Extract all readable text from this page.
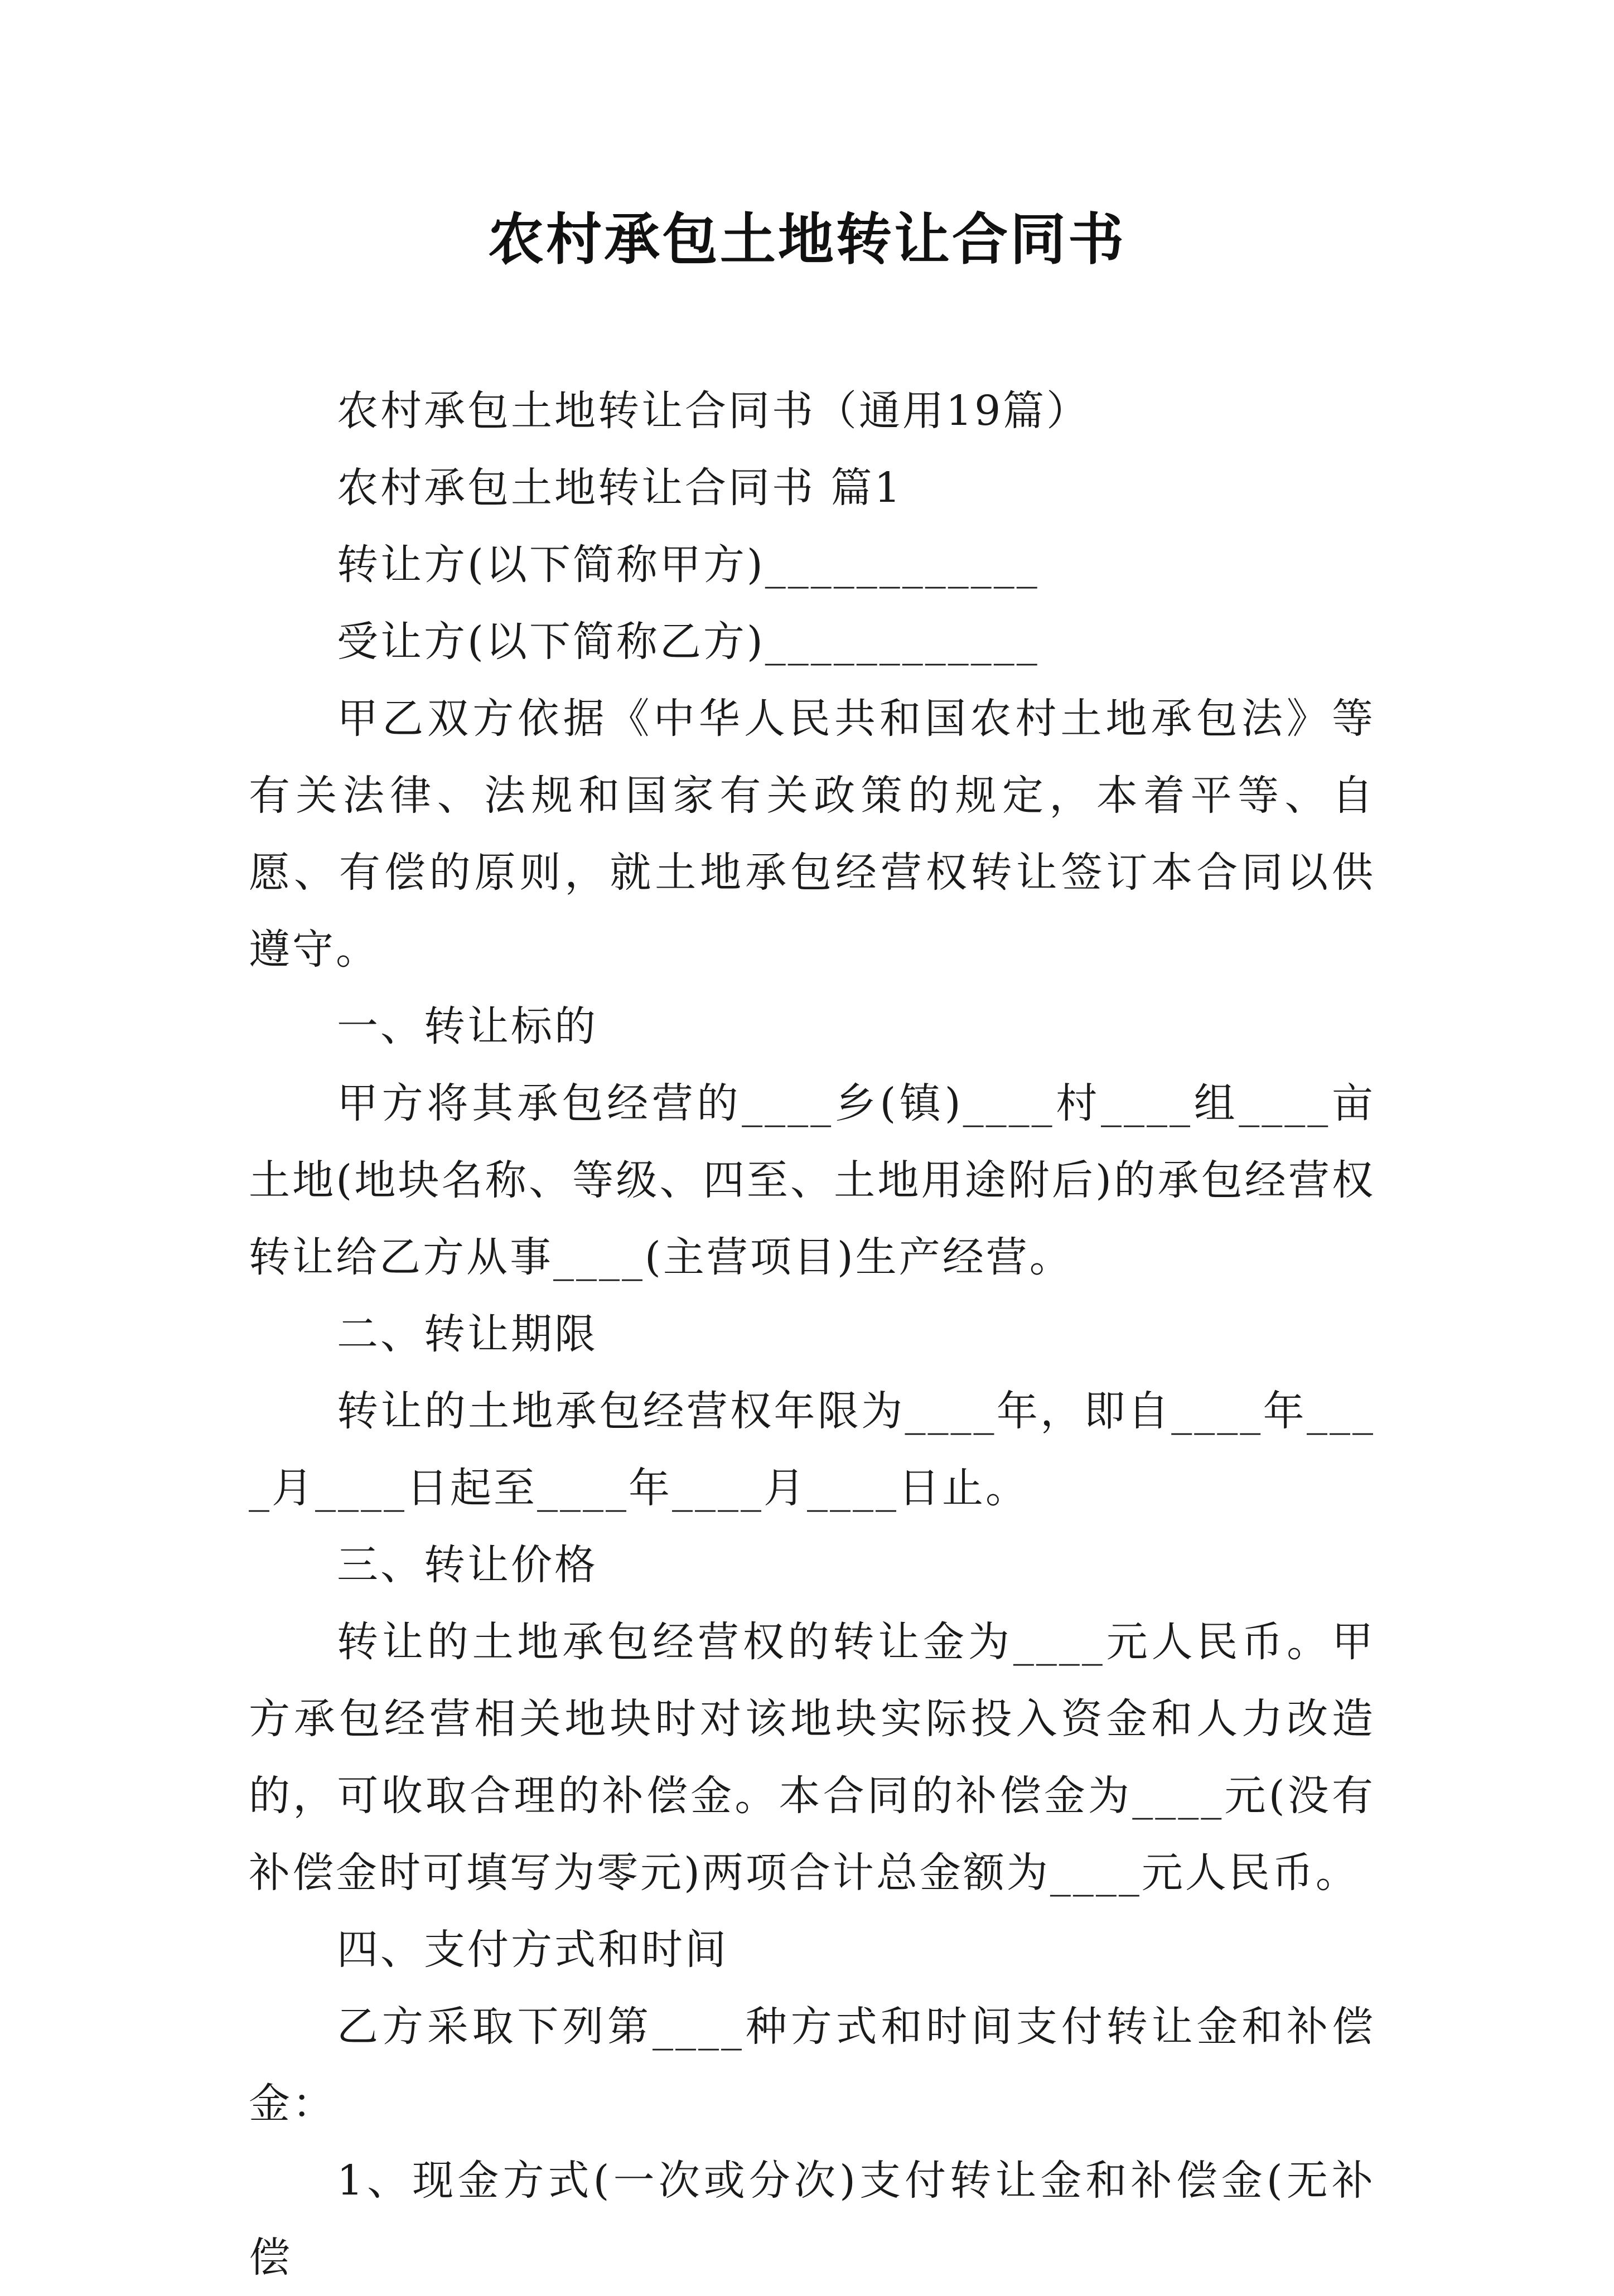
农村承包土地转让合同书

农村承包土地转让合同书（通用19篇）

农村承包土地转让合同书 篇1

转让方(以下简称甲方)____________

受让方(以下简称乙方)____________

甲乙双方依据《中华人民共和国农村土地承包法》等有关法律、法规和国家有关政策的规定，本着平等、自愿、有偿的原则，就土地承包经营权转让签订本合同以供遵守。

一、转让标的

甲方将其承包经营的____乡(镇)____村____组____亩土地(地块名称、等级、四至、土地用途附后)的承包经营权转让给乙方从事____(主营项目)生产经营。

二、转让期限

转让的土地承包经营权年限为____年，即自____年____月____日起至____年____月____日止。

三、转让价格

转让的土地承包经营权的转让金为____元人民币。甲方承包经营相关地块时对该地块实际投入资金和人力改造的，可收取合理的补偿金。本合同的补偿金为____元(没有补偿金时可填写为零元)两项合计总金额为____元人民币。

四、支付方式和时间

乙方采取下列第____种方式和时间支付转让金和补偿金：

1、现金方式(一次或分次)支付转让金和补偿金(无补偿
